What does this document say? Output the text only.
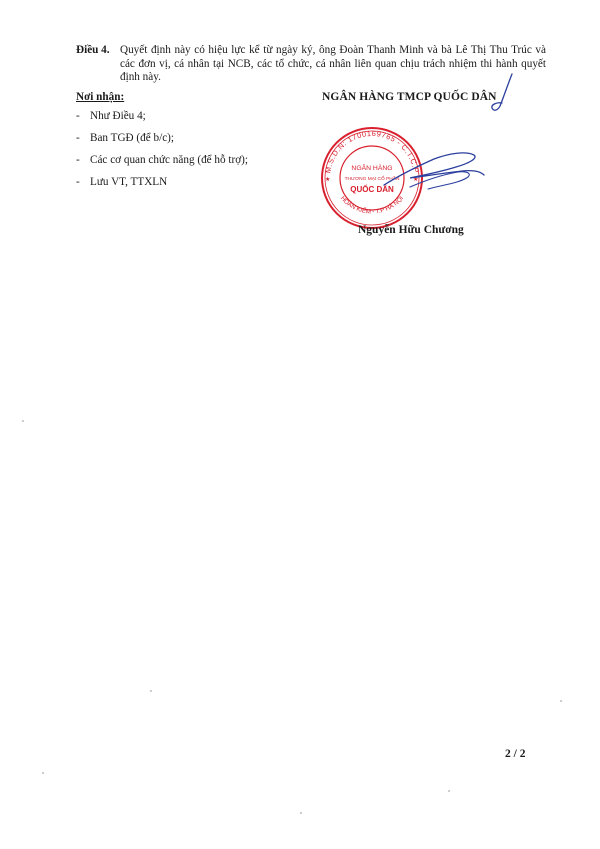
Điều 4. Quyết định này có hiệu lực kể từ ngày ký, ông Đoàn Thanh Minh và bà Lê Thị Thu Trúc và các đơn vị, cá nhân tại NCB, các tổ chức, cá nhân liên quan chịu trách nhiệm thi hành quyết định này.
Nơi nhận:
- Như Điều 4;
- Ban TGĐ (để b/c);
- Các cơ quan chức năng (để hỗ trợ);
- Lưu VT, TTXLN
NGÂN HÀNG TMCP QUỐC DÂN
M.S.D.N: 1700169765 - C.T.C.P
HOÀN KIẾM - T.P HÀ NỘI
★	★
NGÂN HÀNG
THƯƠNG MẠI CỔ PHẦN
QUỐC DÂN
Nguyễn Hữu Chương
2 / 2
